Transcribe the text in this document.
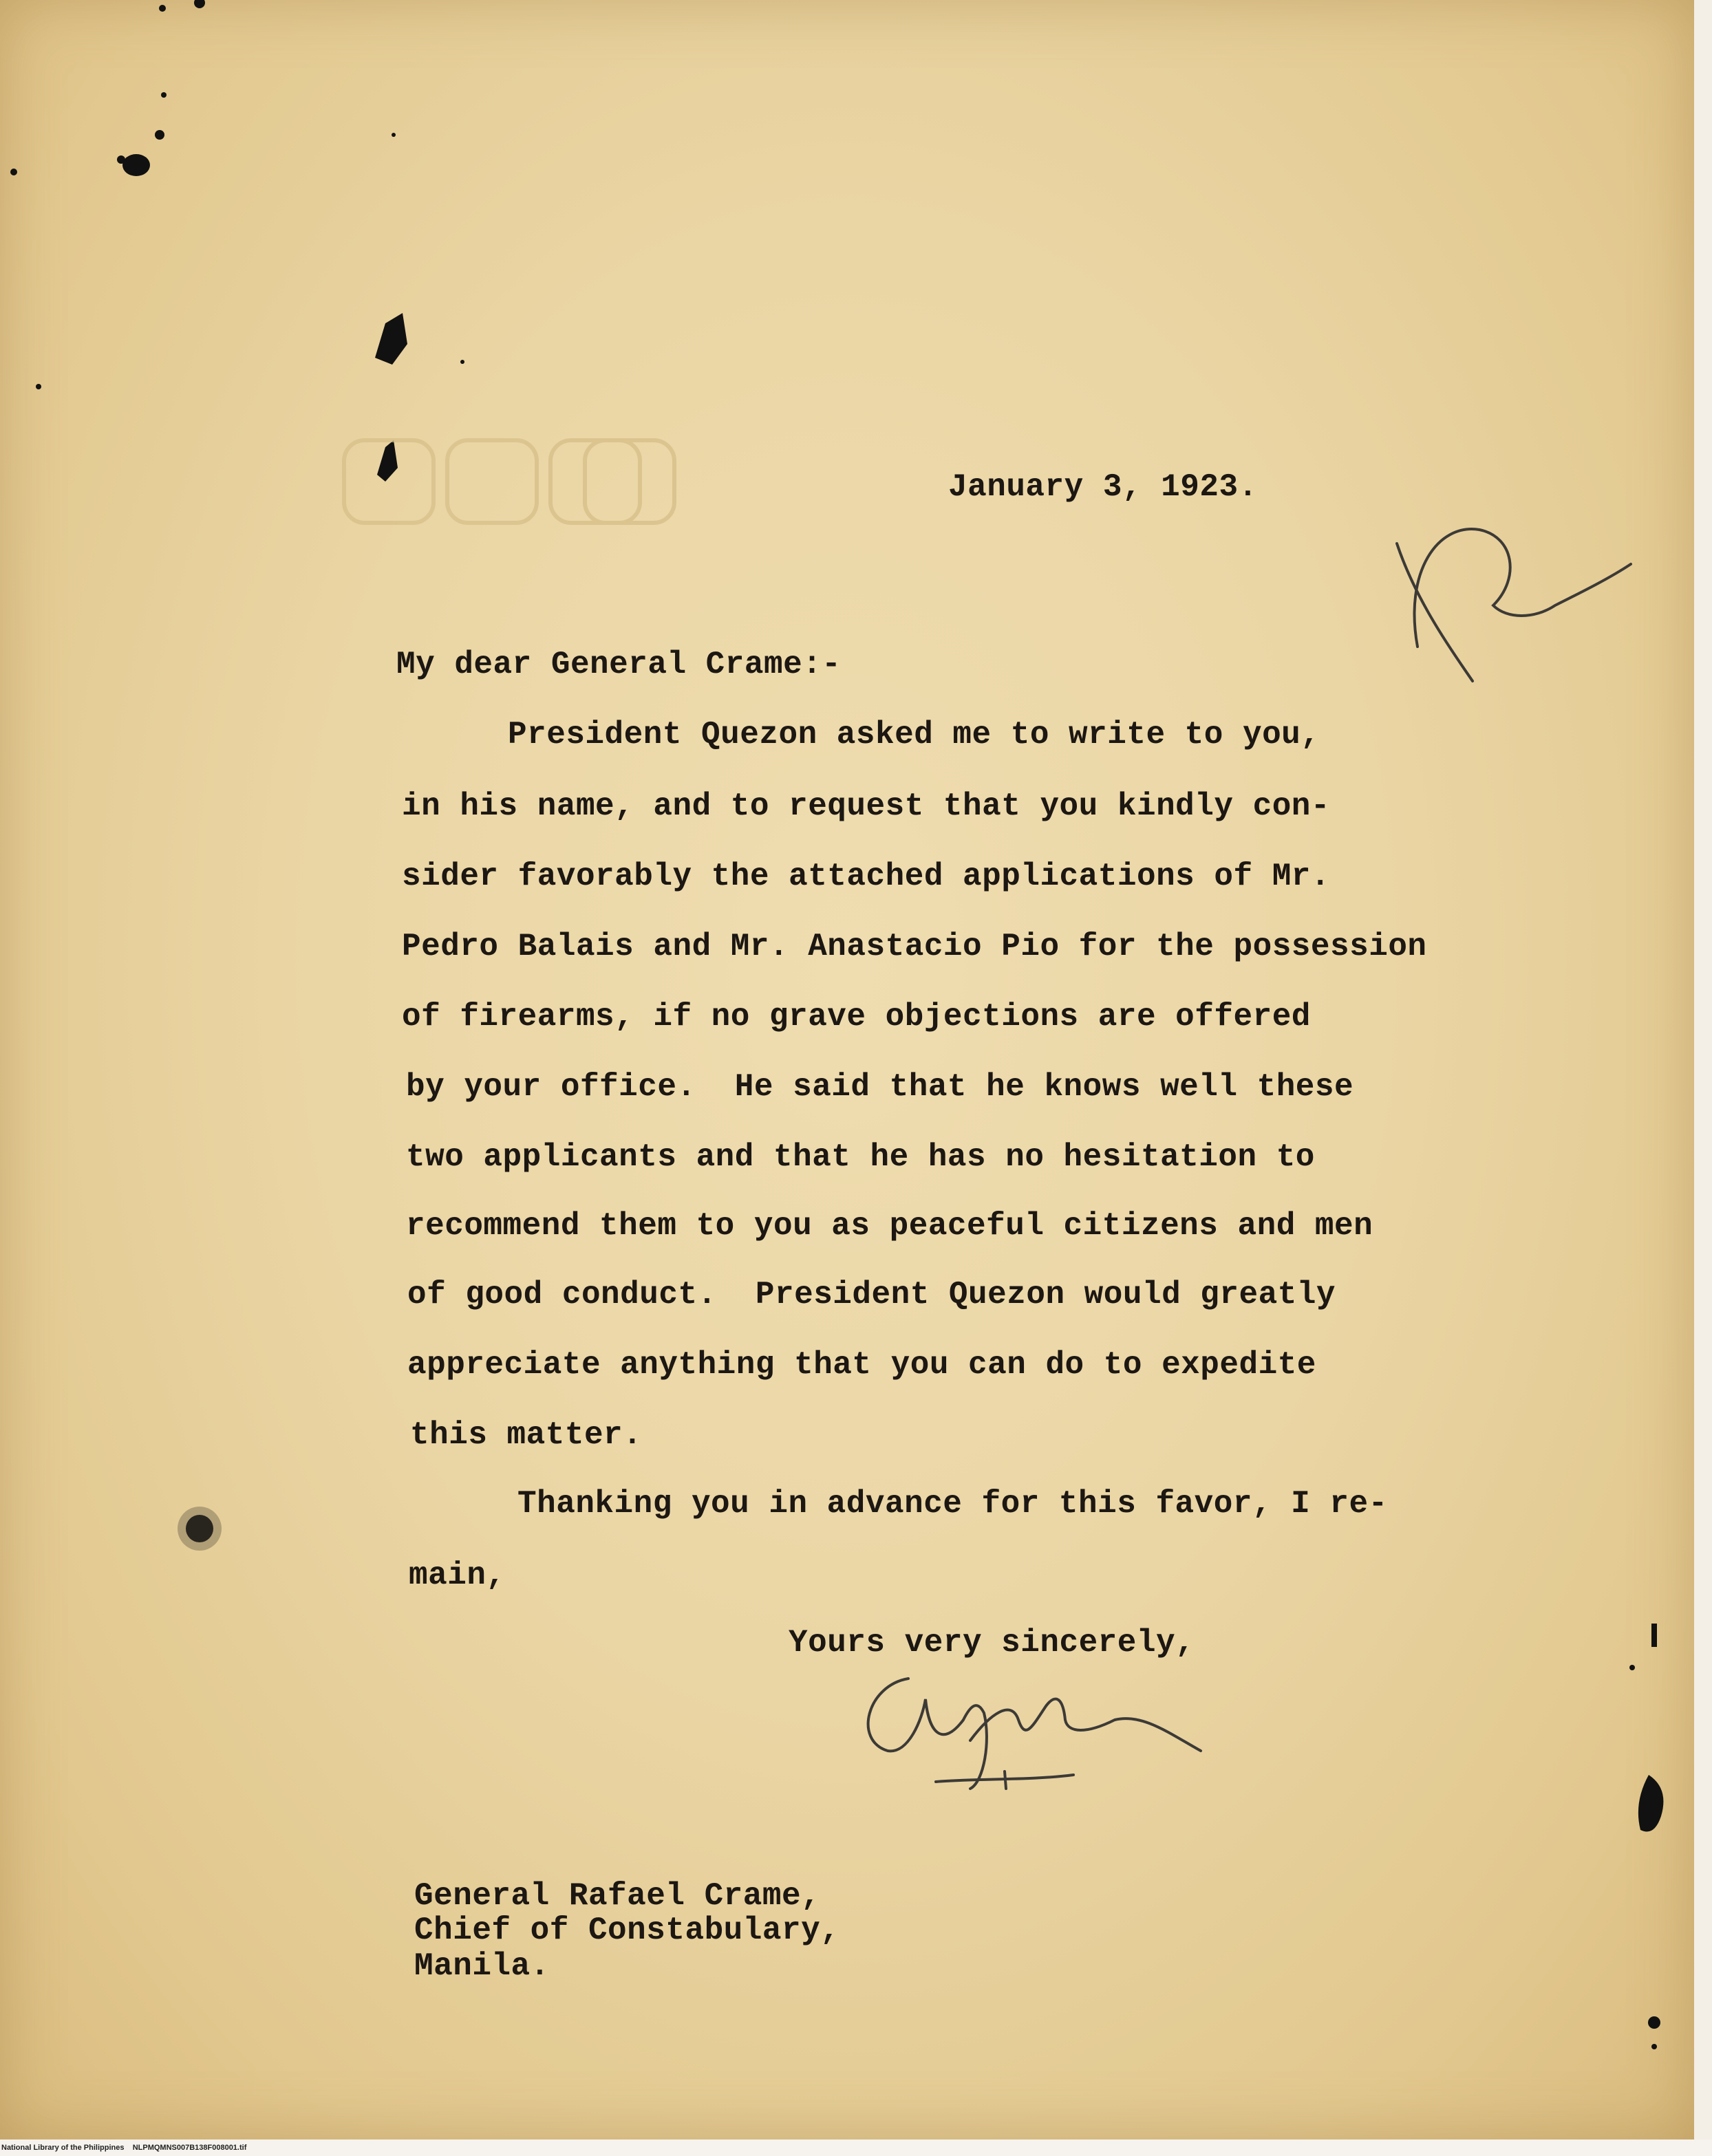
January 3, 1923.
My dear General Crame:-
President Quezon asked me to write to you,
in his name, and to request that you kindly con-
sider favorably the attached applications of Mr.
Pedro Balais and Mr. Anastacio Pio for the possession
of firearms, if no grave objections are offered
by your office.  He said that he knows well these
two applicants and that he has no hesitation to
recommend them to you as peaceful citizens and men
of good conduct.  President Quezon would greatly
appreciate anything that you can do to expedite
this matter.
Thanking you in advance for this favor, I re-
main,
Yours very sincerely,
General Rafael Crame,
Chief of Constabulary,
Manila.
National Library of the Philippines    NLPMQMNS007B138F008001.tif
